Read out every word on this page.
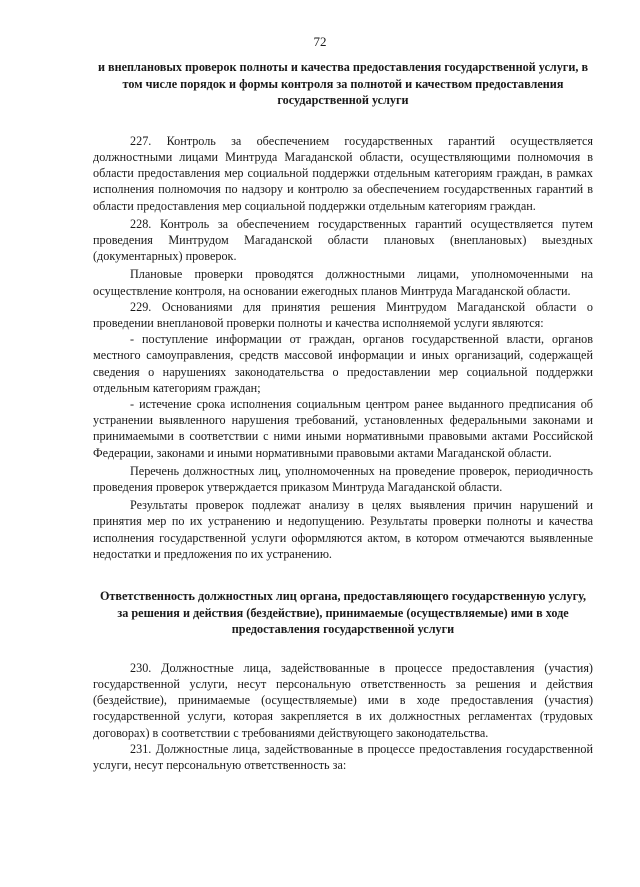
72

и внеплановых проверок полноты и качества предоставления государственной услуги, в том числе порядок и формы контроля за полнотой и качеством предоставления государственной услуги

227. Контроль за обеспечением государственных гарантий осуществляется должностными лицами Минтруда Магаданской области, осуществляющими полномочия в области предоставления мер социальной поддержки отдельным категориям граждан, в рамках исполнения полномочия по надзору и контролю за обеспечением государственных гарантий в области предоставления мер социальной поддержки отдельным категориям граждан.

228. Контроль за обеспечением государственных гарантий осуществляется путем проведения Минтрудом Магаданской области плановых (внеплановых) выездных (документарных) проверок.

Плановые проверки проводятся должностными лицами, уполномоченными на осуществление контроля, на основании ежегодных планов Минтруда Магаданской области.

229. Основаниями для принятия решения Минтрудом Магаданской области о проведении внеплановой проверки полноты и качества исполняемой услуги являются:

- поступление информации от граждан, органов государственной власти, органов местного самоуправления, средств массовой информации и иных организаций, содержащей сведения о нарушениях законодательства о предоставлении мер социальной поддержки отдельным категориям граждан;

- истечение срока исполнения социальным центром ранее выданного предписания об устранении выявленного нарушения требований, установленных федеральными законами и принимаемыми в соответствии с ними иными нормативными правовыми актами Российской Федерации, законами и иными нормативными правовыми актами Магаданской области.

Перечень должностных лиц, уполномоченных на проведение проверок, периодичность проведения проверок утверждается приказом Минтруда Магаданской области.

Результаты проверок подлежат анализу в целях выявления причин нарушений и принятия мер по их устранению и недопущению. Результаты проверки полноты и качества исполнения государственной услуги оформляются актом, в котором отмечаются выявленные недостатки и предложения по их устранению.

Ответственность должностных лиц органа, предоставляющего государственную услугу, за решения и действия (бездействие), принимаемые (осуществляемые) ими в ходе предоставления государственной услуги

230. Должностные лица, задействованные в процессе предоставления (участия) государственной услуги, несут персональную ответственность за решения и действия (бездействие), принимаемые (осуществляемые) ими в ходе предоставления (участия) государственной услуги, которая закрепляется в их должностных регламентах (трудовых договорах) в соответствии с требованиями действующего законодательства.

231. Должностные лица, задействованные в процессе предоставления государственной услуги, несут персональную ответственность за:
